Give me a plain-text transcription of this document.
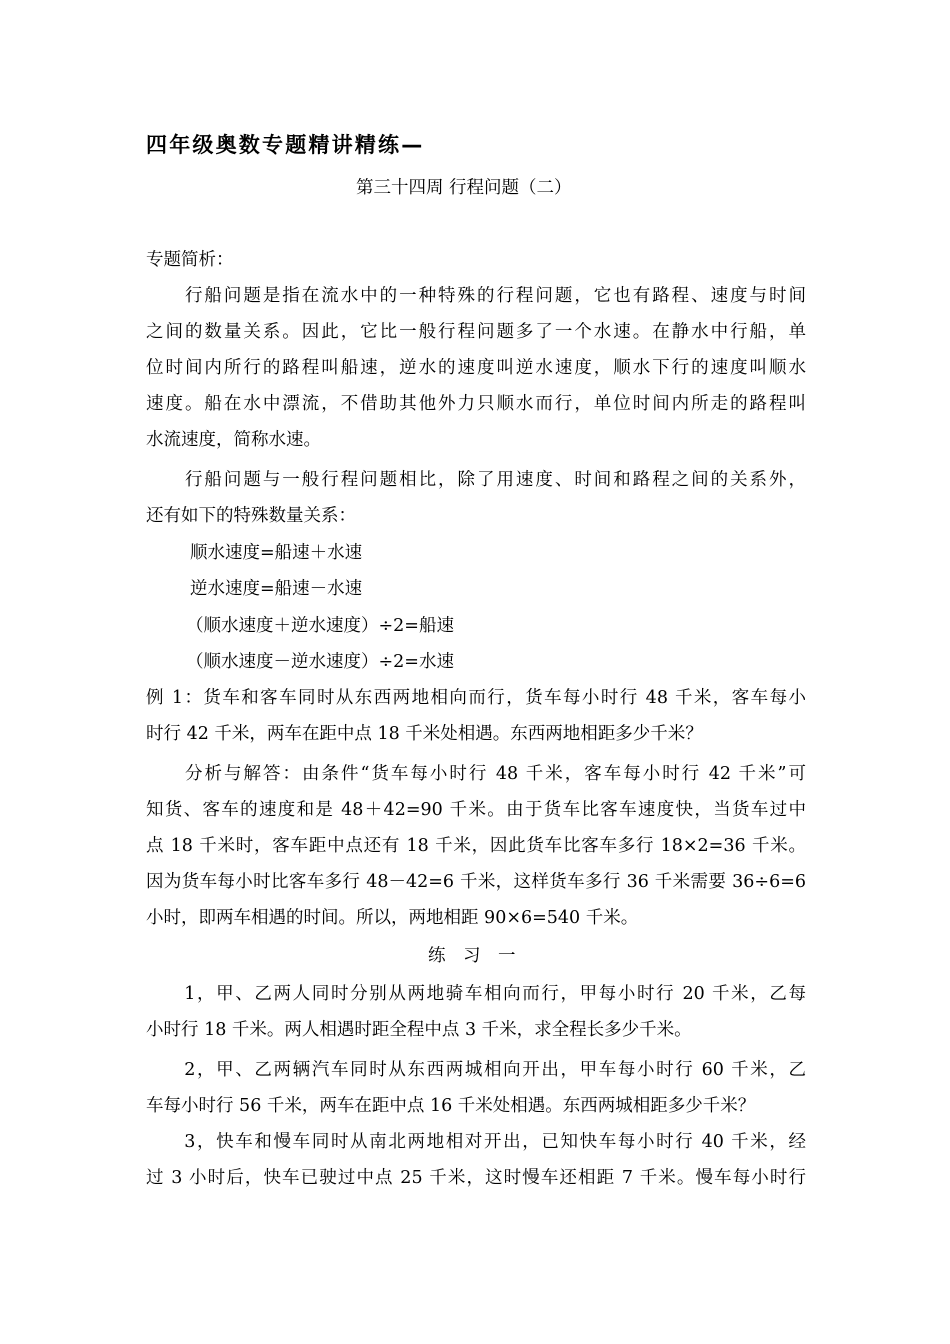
四年级奥数专题精讲精练—
第三十四周 行程问题（二）
专题简析：
　　行船问题是指在流水中的一种特殊的行程问题，它也有路程、速度与时间
之间的数量关系。因此，它比一般行程问题多了一个水速。在静水中行船，单
位时间内所行的路程叫船速，逆水的速度叫逆水速度，顺水下行的速度叫顺水
速度。船在水中漂流，不借助其他外力只顺水而行，单位时间内所走的路程叫
水流速度，简称水速。
　　行船问题与一般行程问题相比，除了用速度、时间和路程之间的关系外，
还有如下的特殊数量关系：
顺水速度=船速＋水速
逆水速度=船速－水速
（顺水速度＋逆水速度）÷2=船速
（顺水速度－逆水速度）÷2=水速
例 1：货车和客车同时从东西两地相向而行，货车每小时行 48 千米，客车每小
时行 42 千米，两车在距中点 18 千米处相遇。东西两地相距多少千米？
　　分析与解答：由条件“货车每小时行 48 千米，客车每小时行 42 千米”可
知货、客车的速度和是 48＋42=90 千米。由于货车比客车速度快，当货车过中
点 18 千米时，客车距中点还有 18 千米，因此货车比客车多行 18×2=36 千米。
因为货车每小时比客车多行 48－42=6 千米，这样货车多行 36 千米需要 36÷6=6
小时，即两车相遇的时间。所以，两地相距 90×6=540 千米。
练　习　一
　　1，甲、乙两人同时分别从两地骑车相向而行，甲每小时行 20 千米，乙每
小时行 18 千米。两人相遇时距全程中点 3 千米，求全程长多少千米。
　　2，甲、乙两辆汽车同时从东西两城相向开出，甲车每小时行 60 千米，乙
车每小时行 56 千米，两车在距中点 16 千米处相遇。东西两城相距多少千米？
　　3，快车和慢车同时从南北两地相对开出，已知快车每小时行 40 千米，经
过 3 小时后，快车已驶过中点 25 千米，这时慢车还相距 7 千米。慢车每小时行
